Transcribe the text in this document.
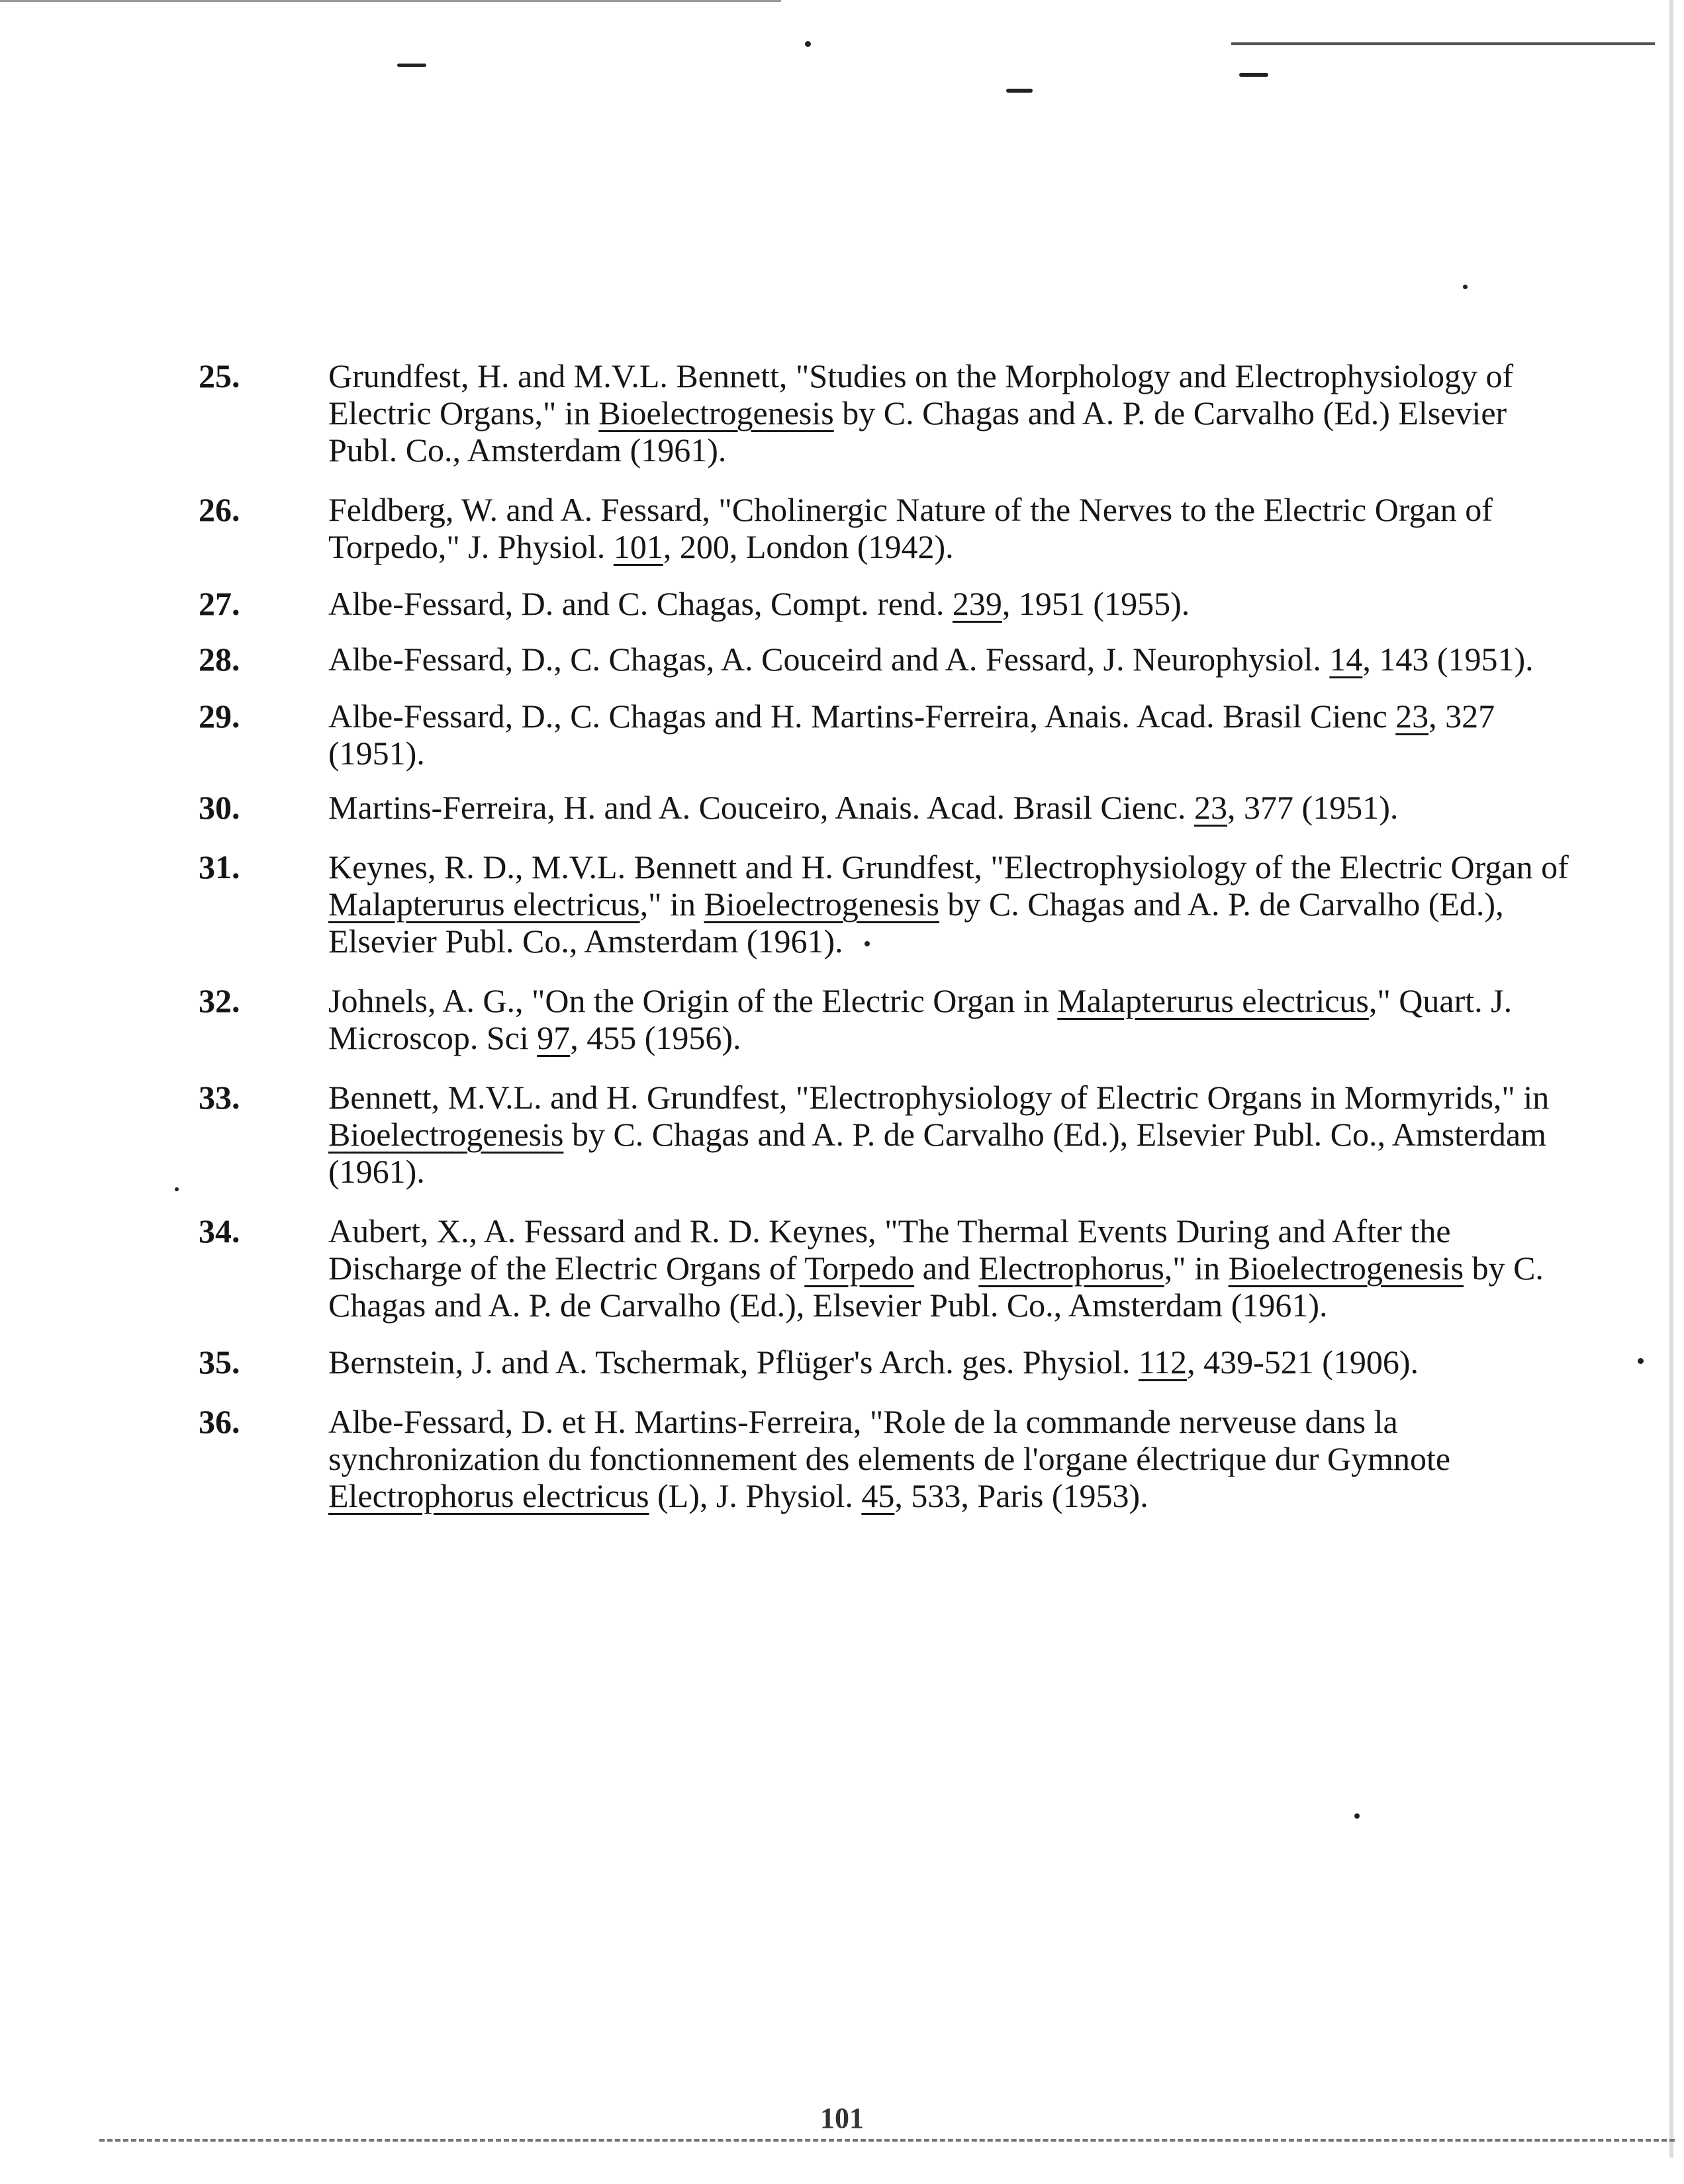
25.	Grundfest, H. and M.V.L. Bennett, "Studies on the Morphology and Electrophysiology of Electric Organs," in Bioelectrogenesis by C. Chagas and A. P. de Carvalho (Ed.) Elsevier Publ. Co., Amsterdam (1961).
26.	Feldberg, W. and A. Fessard, "Cholinergic Nature of the Nerves to the Electric Organ of Torpedo," J. Physiol. 101, 200, London (1942).
27.	Albe-Fessard, D. and C. Chagas, Compt. rend. 239, 1951 (1955).
28.	Albe-Fessard, D., C. Chagas, A. Couceird and A. Fessard, J. Neurophysiol. 14, 143 (1951).
29.	Albe-Fessard, D., C. Chagas and H. Martins-Ferreira, Anais. Acad. Brasil Cienc 23, 327 (1951).
30.	Martins-Ferreira, H. and A. Couceiro, Anais. Acad. Brasil Cienc. 23, 377 (1951).
31.	Keynes, R. D., M.V.L. Bennett and H. Grundfest, "Electrophysiology of the Electric Organ of Malapterurus electricus," in Bioelectrogenesis by C. Chagas and A. P. de Carvalho (Ed.), Elsevier Publ. Co., Amsterdam (1961).
32.	Johnels, A. G., "On the Origin of the Electric Organ in Malapterurus electricus," Quart. J. Microscop. Sci 97, 455 (1956).
33.	Bennett, M.V.L. and H. Grundfest, "Electrophysiology of Electric Organs in Mormyrids," in Bioelectrogenesis by C. Chagas and A. P. de Carvalho (Ed.), Elsevier Publ. Co., Amsterdam (1961).
34.	Aubert, X., A. Fessard and R. D. Keynes, "The Thermal Events During and After the Discharge of the Electric Organs of Torpedo and Electrophorus," in Bioelectrogenesis by C. Chagas and A. P. de Carvalho (Ed.), Elsevier Publ. Co., Amsterdam (1961).
35.	Bernstein, J. and A. Tschermak, Pflüger's Arch. ges. Physiol. 112, 439-521 (1906).
36.	Albe-Fessard, D. et H. Martins-Ferreira, "Role de la commande nerveuse dans la synchronization du fonctionnement des elements de l'organe électrique dur Gymnote Electrophorus electricus (L), J. Physiol. 45, 533, Paris (1953).
101
